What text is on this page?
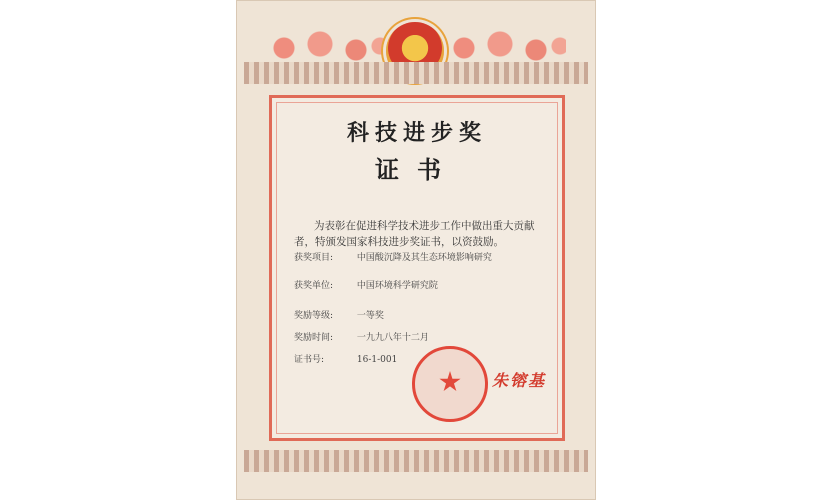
科技进步奖
证书
为表彰在促进科学技术进步工作中做出重大贡献者，特颁发国家科技进步奖证书，以资鼓励。
获奖项目:	中国酸沉降及其生态环境影响研究
获奖单位:	中国环境科学研究院
奖励等级:	一等奖
奖励时间:	一九九八年十二月
证书号:	16-1-001
朱镕基
